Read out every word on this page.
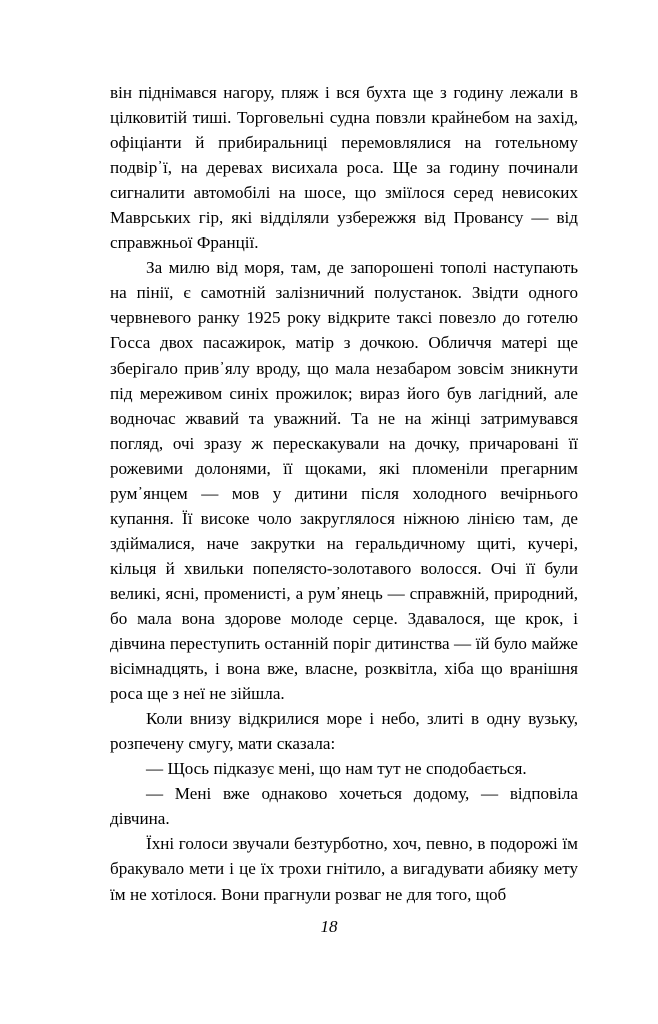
він піднімався нагору, пляж і вся бухта ще з годину лежали в цілковитій тиші. Торговельні судна повзли крайнебом на захід, офіціанти й прибиральниці перемовлялися на готельному подвір᾽ї, на деревах висихала роса. Ще за годину починали сигналити автомобілі на шосе, що зміїлося серед невисоких Маврських гір, які відділяли узбережжя від Провансу — від справжньої Франції.

За милю від моря, там, де запорошені тополі наступають на пінії, є самотній залізничний полустанок. Звідти одного червневого ранку 1925 року відкрите таксі повезло до готелю Госса двох пасажирок, матір з дочкою. Обличчя матері ще зберігало прив᾽ялу вроду, що мала незабаром зовсім зникнути під мереживом синіх прожилок; вираз його був лагідний, але водночас жвавий та уважний. Та не на жінці затримувався погляд, очі зразу ж перескакували на дочку, причаровані її рожевими долонями, її щоками, які пломеніли прегарним рум᾽янцем — мов у дитини після холодного вечірнього купання. Її високе чоло закруглялося ніжною лінією там, де здіймалися, наче закрутки на геральдичному щиті, кучері, кільця й хвильки попелясто-золотавого волосся. Очі її були великі, ясні, променисті, а рум᾽янець — справжній, природний, бо мала вона здорове молоде серце. Здавалося, ще крок, і дівчина переступить останній поріг дитинства — їй було майже вісімнадцять, і вона вже, власне, розквітла, хіба що вранішня роса ще з неї не зійшла.

Коли внизу відкрилися море і небо, злиті в одну вузьку, розпечену смугу, мати сказала:

— Щось підказує мені, що нам тут не сподобається.

— Мені вже однаково хочеться додому, — відповіла дівчина.

Їхні голоси звучали безтурботно, хоч, певно, в подорожі їм бракувало мети і це їх трохи гнітило, а вигадувати абияку мету їм не хотілося. Вони прагнули розваг не для того, щоб

18
